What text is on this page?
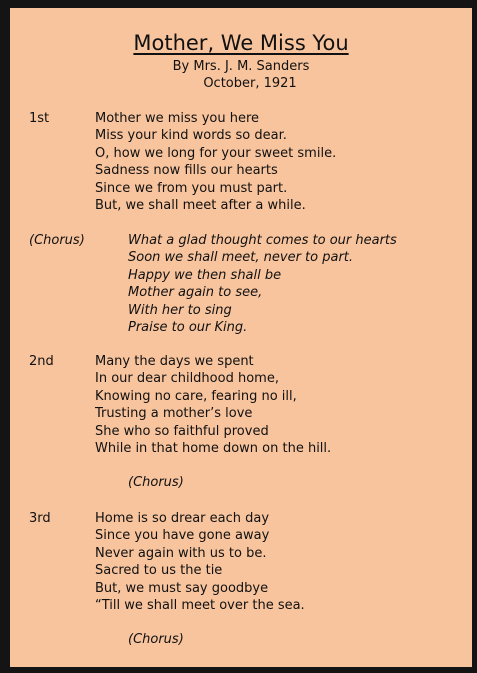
Mother, We Miss You
By Mrs. J. M. Sanders
October, 1921
1st	Mother we miss you here
Miss your kind words so dear.
O, how we long for your sweet smile.
Sadness now fills our hearts
Since we from you must part.
But, we shall meet after a while.
(Chorus)	What a glad thought comes to our hearts
Soon we shall meet, never to part.
Happy we then shall be
Mother again to see,
With her to sing
Praise to our King.
2nd	Many the days we spent
In our dear childhood home,
Knowing no care, fearing no ill,
Trusting a mother’s love
She who so faithful proved
While in that home down on the hill.
(Chorus)
3rd	Home is so drear each day
Since you have gone away
Never again with us to be.
Sacred to us the tie
But, we must say goodbye
“Till we shall meet over the sea.
(Chorus)
